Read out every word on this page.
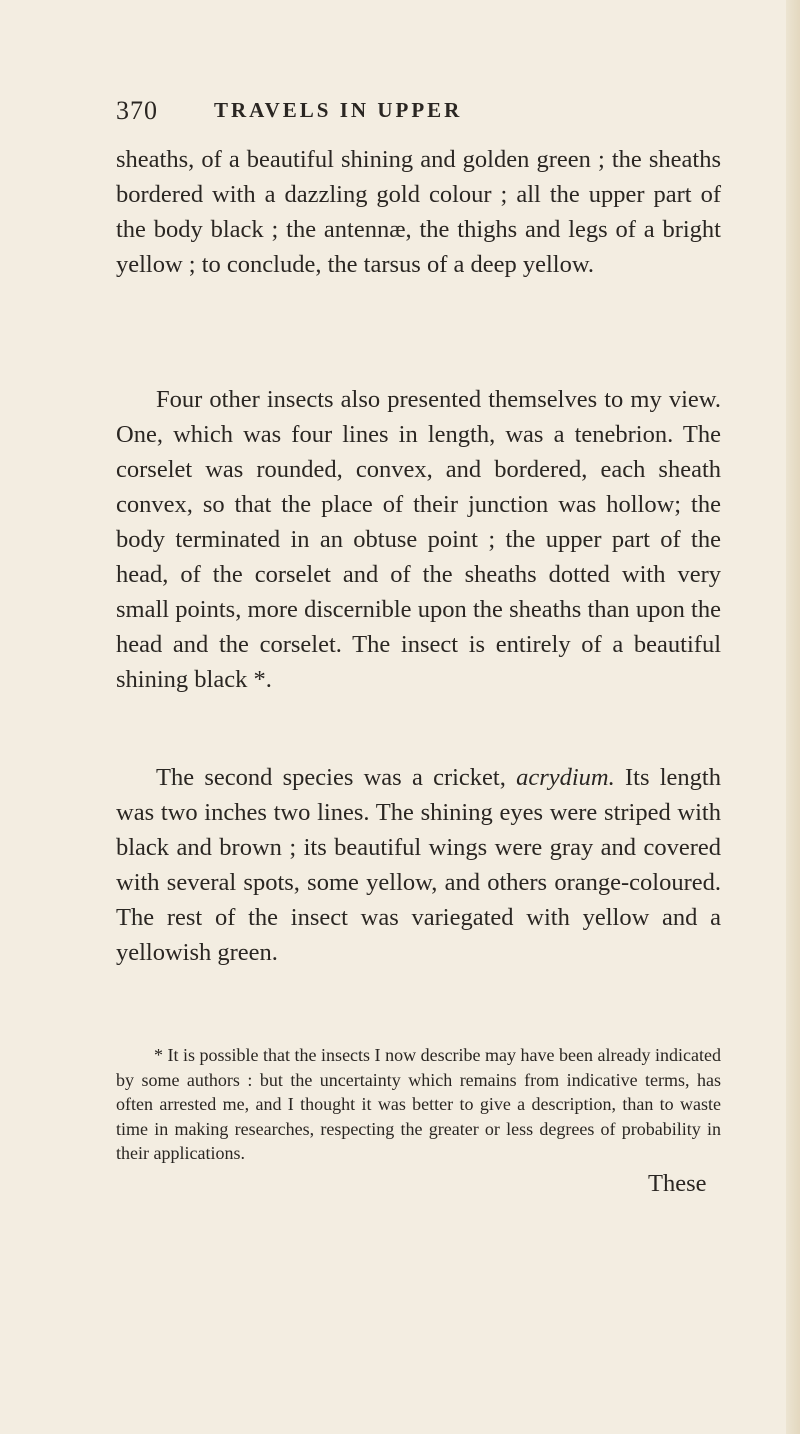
370	TRAVELS IN UPPER

sheaths, of a beautiful shining and golden green ; the sheaths bordered with a dazzling gold colour ; all the upper part of the body black ; the antennæ, the thighs and legs of a bright yellow ; to conclude, the tarsus of a deep yellow.

Four other insects also presented themselves to my view. One, which was four lines in length, was a tenebrion. The corselet was rounded, convex, and bordered, each sheath convex, so that the place of their junction was hollow; the body terminated in an obtuse point ; the upper part of the head, of the corselet and of the sheaths dotted with very small points, more discernible upon the sheaths than upon the head and the corselet. The insect is entirely of a beautiful shining black *.

The second species was a cricket, acrydium. Its length was two inches two lines. The shining eyes were striped with black and brown ; its beautiful wings were gray and covered with several spots, some yellow, and others orange-coloured. The rest of the insect was variegated with yellow and a yellowish green.

* It is possible that the insects I now describe may have been already indicated by some authors : but the uncertainty which remains from indicative terms, has often arrested me, and I thought it was better to give a description, than to waste time in making researches, respecting the greater or less degrees of probability in their applications.

These
